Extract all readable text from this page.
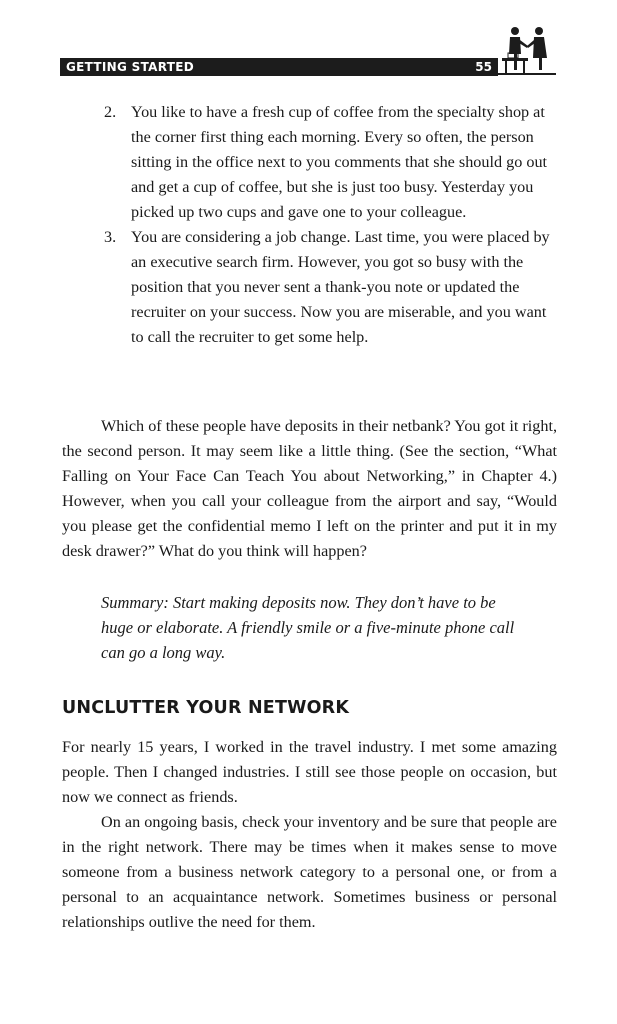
GETTING STARTED	55
2. You like to have a fresh cup of coffee from the specialty shop at the corner first thing each morning. Every so often, the person sitting in the office next to you comments that she should go out and get a cup of coffee, but she is just too busy. Yesterday you picked up two cups and gave one to your colleague.

3. You are considering a job change. Last time, you were placed by an executive search firm. However, you got so busy with the position that you never sent a thank-you note or updated the recruiter on your success. Now you are miserable, and you want to call the recruiter to get some help.

Which of these people have deposits in their netbank? You got it right, the second person. It may seem like a little thing. (See the section, “What Falling on Your Face Can Teach You about Networking,” in Chapter 4.) However, when you call your colleague from the airport and say, “Would you please get the confidential memo I left on the printer and put it in my desk drawer?” What do you think will happen?

Summary: Start making deposits now. They don’t have to be huge or elaborate. A friendly smile or a five-minute phone call can go a long way.

UNCLUTTER YOUR NETWORK

For nearly 15 years, I worked in the travel industry. I met some amazing people. Then I changed industries. I still see those people on occasion, but now we connect as friends.

On an ongoing basis, check your inventory and be sure that people are in the right network. There may be times when it makes sense to move someone from a business network category to a personal one, or from a personal to an acquaintance network. Sometimes business or personal relationships outlive the need for them.
